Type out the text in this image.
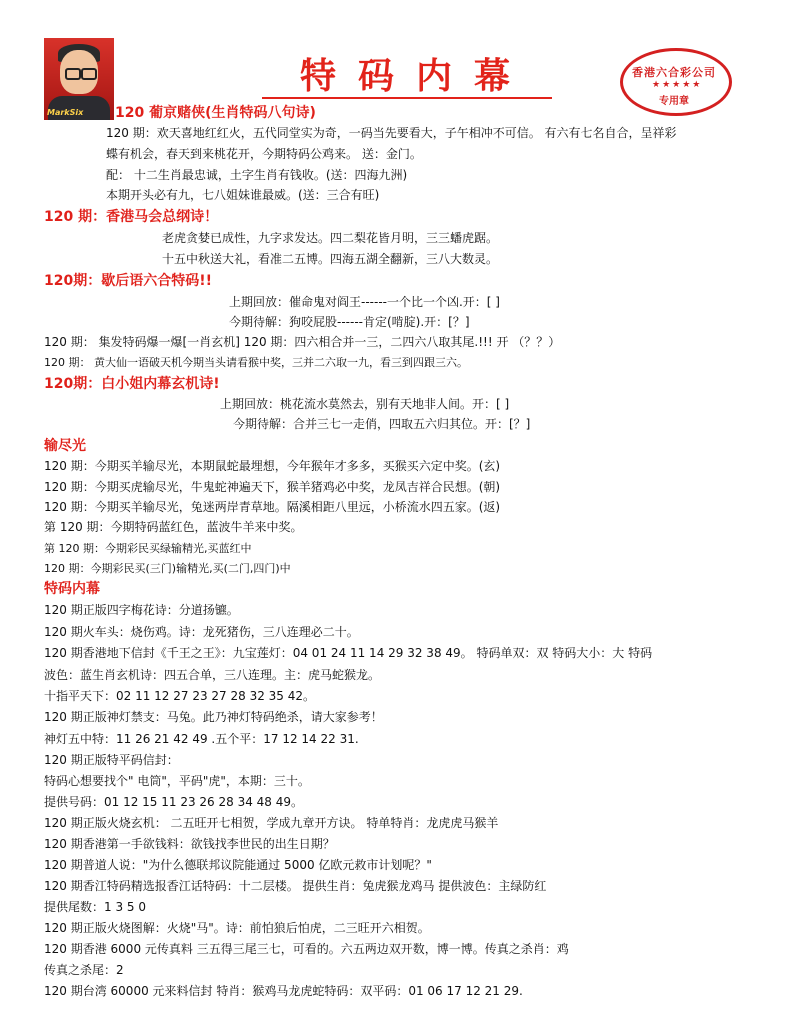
MarkSix
特码内幕	香港六合彩公司
★★★★★
专用章
120 葡京赌侠(生肖特码八句诗)
120 期：欢天喜地红红火，五代同堂实为奇，一码当先要看大，子午相冲不可信。 有六有七名自合，呈祥彩
蝶有机会，春天到来桃花开，今期特码公鸡来。 送：金门。
配： 十二生肖最忠诚，土字生肖有钱收。(送：四海九洲)
本期开头必有九，七八姐妹谁最威。(送：三合有旺)
120 期：香港马会总纲诗！
老虎贪婪已成性，九字求发达。四二梨花皆月明，三三蟠虎踞。
十五中秋送大礼，看准二五博。四海五湖全翻新，三八大数灵。
120期：歇后语六合特码!!
上期回放：催命鬼对阎王------一个比一个凶.开：[ ]
今期待解：狗咬屁股------肯定(啃腚).开：[？]
120 期： 集发特码爆一爆[一肖玄机] 120 期：四六相合并一三，二四六八取其尾.!!! 开 （？？）
120 期： 黄大仙一语破天机今期当头请看猴中奖，三并二六取一九，看三到四跟三六。
120期：白小姐内幕玄机诗!
上期回放：桃花流水莫然去，别有天地非人间。开：[ ]
今期待解：合并三七一走俏，四取五六归其位。开：[？]
输尽光
120 期：今期买羊输尽光，本期鼠蛇最埋想，今年猴年才多多，买猴买六定中奖。(玄)
120 期：今期买虎输尽光，牛鬼蛇神遍天下，猴羊猪鸡必中奖，龙凤吉祥合民想。(朝)
120 期：今期买羊输尽光，兔迷两岸青草地。隔溪相距八里远，小桥流水四五家。(返)
第 120 期：今期特码蓝红色，蓝波牛羊来中奖。
第 120 期：今期彩民买绿输精光,买蓝红中
120 期：今期彩民买(三门)输精光,买(二门,四门)中
特码内幕
120 期正版四字梅花诗：分道扬镳。
120 期火车头：烧伤鸡。诗：龙死猪伤，三八连理必二十。
120 期香港地下信封《千王之王》：九宝莲灯：04 01 24 11 14 29 32 38 49。 特码单双：双 特码大小：大 特码
波色：蓝生肖玄机诗：四五合单，三八连理。主：虎马蛇猴龙。
十指平天下：02 11 12 27 23 27 28 32 35 42。
120 期正版神灯禁支：马兔。此乃神灯特码绝杀，请大家参考！
神灯五中特：11 26 21 42 49 .五个平：17 12 14 22 31.
120 期正版特平码信封：
特码心想要找个" 电筒"，平码"虎"，本期：三十。
提供号码：01 12 15 11 23 26 28 34 48 49。
120 期正版火烧玄机： 二五旺开七相贺，学成九章开方诀。 特单特肖：龙虎虎马猴羊
120 期香港第一手欲钱料：欲钱找李世民的出生日期？
120 期普道人说："为什么德联邦议院能通过 5000 亿欧元救市计划呢？"
120 期香江特码精选报香江话特码：十二层楼。 提供生肖：兔虎猴龙鸡马 提供波色：主绿防红
提供尾数：1 3 5 0
120 期正版火烧图解：火烧"马"。诗：前怕狼后怕虎，二三旺开六相贺。
120 期香港 6000 元传真料 三五得三尾三七，可看的。六五两边双开数，博一博。传真之杀肖：鸡
传真之杀尾：2
120 期台湾 60000 元来料信封 特肖：猴鸡马龙虎蛇特码：双平码：01 06 17 12 21 29.
